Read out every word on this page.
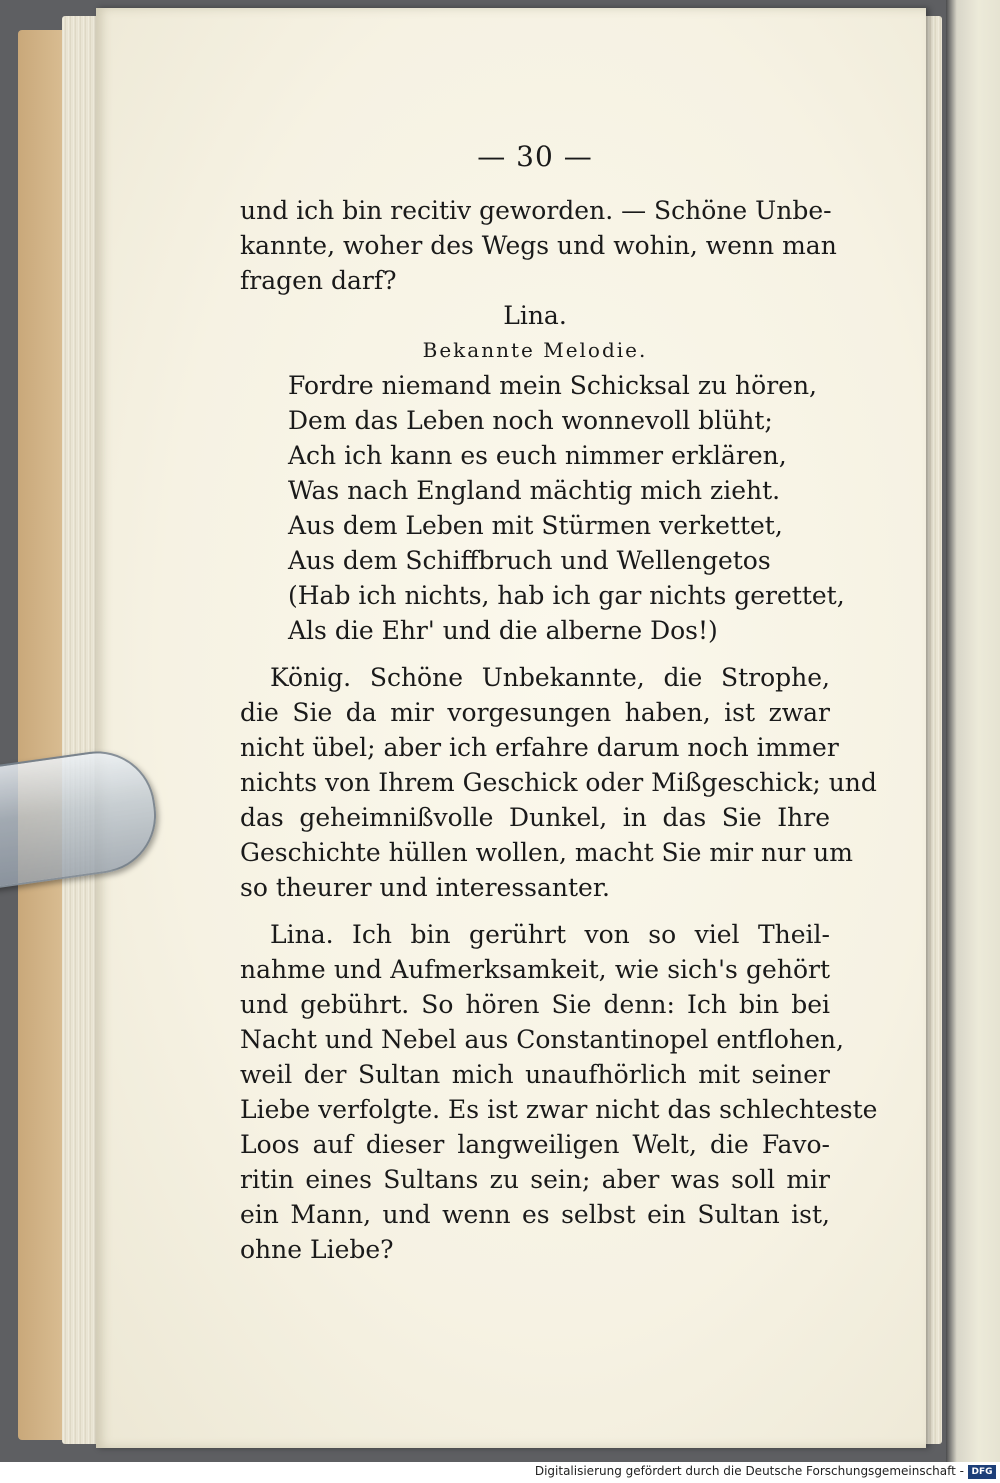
— 30 —
und ich bin recitiv geworden. — Schöne Unbe-
kannte, woher des Wegs und wohin, wenn man
fragen darf?
Lina.
Bekannte Melodie.
Fordre niemand mein Schicksal zu hören,
Dem das Leben noch wonnevoll blüht;
Ach ich kann es euch nimmer erklären,
Was nach England mächtig mich zieht.
Aus dem Leben mit Stürmen verkettet,
Aus dem Schiffbruch und Wellengetos
(Hab ich nichts, hab ich gar nichts gerettet,
Als die Ehr' und die alberne Dos!)
König. Schöne Unbekannte, die Strophe,
die Sie da mir vorgesungen haben, ist zwar
nicht übel; aber ich erfahre darum noch immer
nichts von Ihrem Geschick oder Mißgeschick; und
das geheimnißvolle Dunkel, in das Sie Ihre
Geschichte hüllen wollen, macht Sie mir nur um
so theurer und interessanter.
Lina. Ich bin gerührt von so viel Theil-
nahme und Aufmerksamkeit, wie sich's gehört
und gebührt. So hören Sie denn: Ich bin bei
Nacht und Nebel aus Constantinopel entflohen,
weil der Sultan mich unaufhörlich mit seiner
Liebe verfolgte. Es ist zwar nicht das schlechteste
Loos auf dieser langweiligen Welt, die Favo-
ritin eines Sultans zu sein; aber was soll mir
ein Mann, und wenn es selbst ein Sultan ist,
ohne Liebe?
Digitalisierung gefördert durch die Deutsche Forschungsgemeinschaft - DFG
